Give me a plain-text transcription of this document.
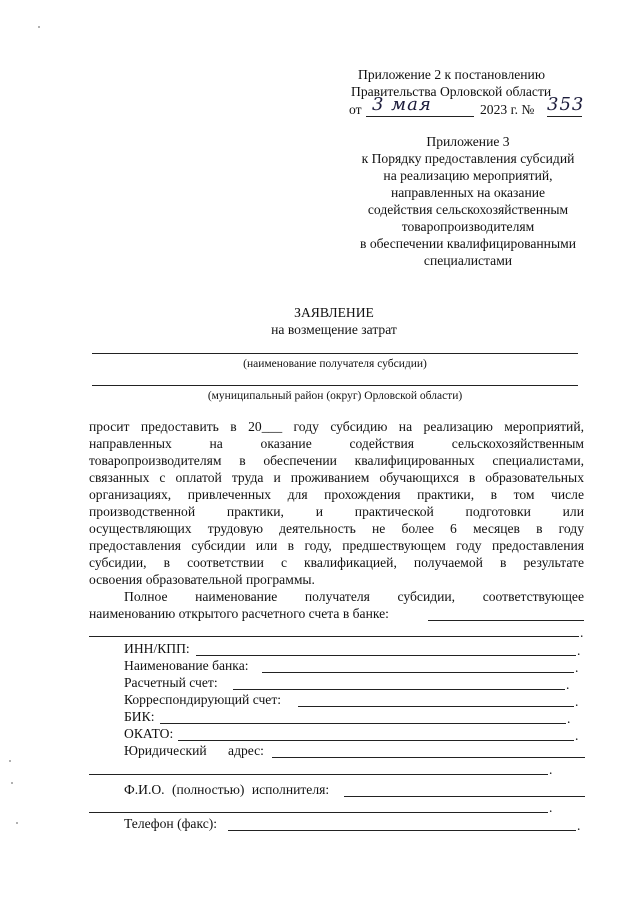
Приложение 2 к постановлению
Правительства Орловской области
от 3 мая	2023 г. № 353
Приложение 3
к Порядку предоставления субсидий
на реализацию мероприятий,
направленных на оказание
содействия сельскохозяйственным
товаропроизводителям
в обеспечении квалифицированными
специалистами
ЗАЯВЛЕНИЕ
на возмещение затрат
(наименование получателя субсидии)
(муниципальный район (округ) Орловской области)
просит предоставить в 20___ году субсидию на реализацию мероприятий,
направленных на оказание содействия сельскохозяйственным
товаропроизводителям в обеспечении квалифицированных специалистами,
связанных с оплатой труда и проживанием обучающихся в образовательных
организациях, привлеченных для прохождения практики, в том числе
производственной практики, и практической подготовки или
осуществляющих трудовую деятельность не более 6 месяцев в году
предоставления субсидии или в году, предшествующем году предоставления
субсидии, в соответствии с квалификацией, получаемой в результате
освоения образовательной программы.
Полное наименование получателя субсидии, соответствующее
наименованию открытого расчетного счета в банке:
.
ИНН/КПП:	.
Наименование банка:	.
Расчетный счет:	.
Корреспондирующий счет:	.
БИК:	.
ОКАТО:	.
Юридический адрес:
.
Ф.И.О. (полностью) исполнителя:
.
Телефон (факс):	.
